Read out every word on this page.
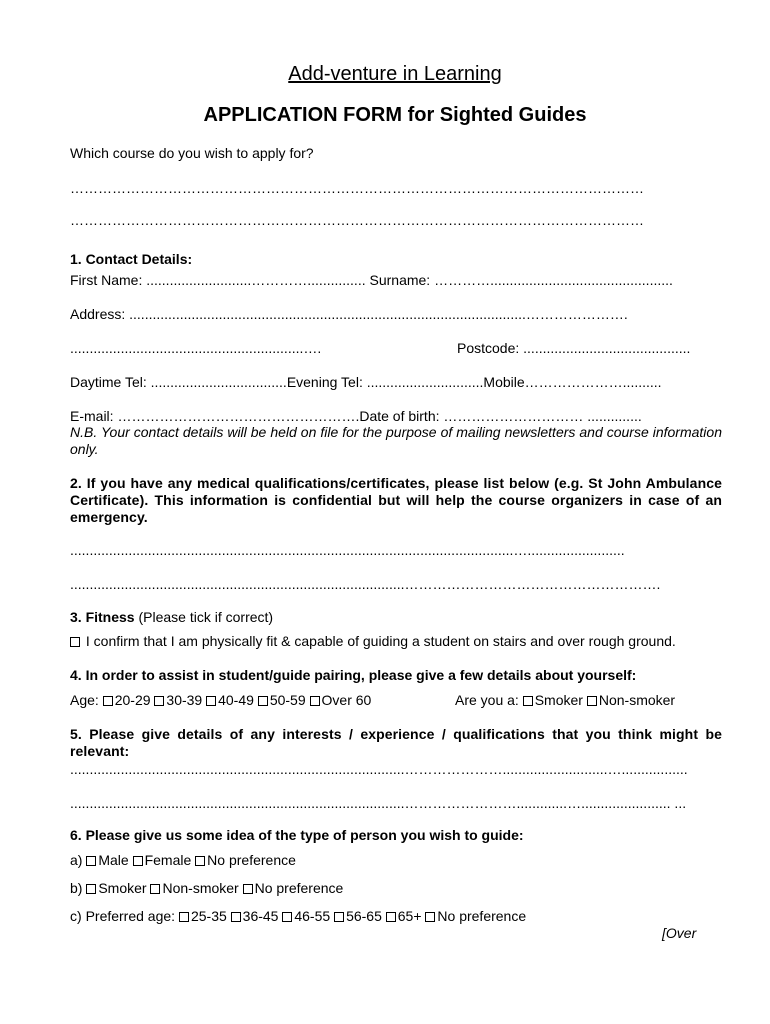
Add-venture in Learning
APPLICATION FORM for Sighted Guides
Which course do you wish to apply for?
……………………………………………………………………………………………………………
……………………………………………………………………………………………………………
1. Contact Details:
First Name: ...........................…………............... Surname: …………...............................................
Address: ......................................................................................................………………….
............................................................….	Postcode: ...........................................
Daytime Tel: ...................................Evening Tel: ..............................Mobile…………………..........
E-mail: …………………………………………….Date of birth: ………………………… ..............
N.B. Your contact details will be held on file for the purpose of mailing newsletters and course information only.
2. If you have any medical qualifications/certificates, please list below (e.g. St John Ambulance Certificate). This information is confidential but will help the course organizers in case of an emergency.
..................................................................................................................….........................
......................................................................................……………………………………………….
3. Fitness (Please tick if correct)
I confirm that I am physically fit & capable of guiding a student on stairs and over rough ground.
4. In order to assist in student/guide pairing, please give a few details about yourself:
Age: 20-29 30-39 40-49 50-59 Over 60	Are you a: Smoker Non-smoker
5. Please give details of any interests / experience / qualifications that you think might be relevant:
......................................................................................…………………...........................….................
......................................................................................…………………….............…....................... ...
6. Please give us some idea of the type of person you wish to guide:
a) Male Female No preference
b) Smoker Non-smoker No preference
c) Preferred age: 25-35 36-45 46-55 56-65 65+ No preference
[Over
